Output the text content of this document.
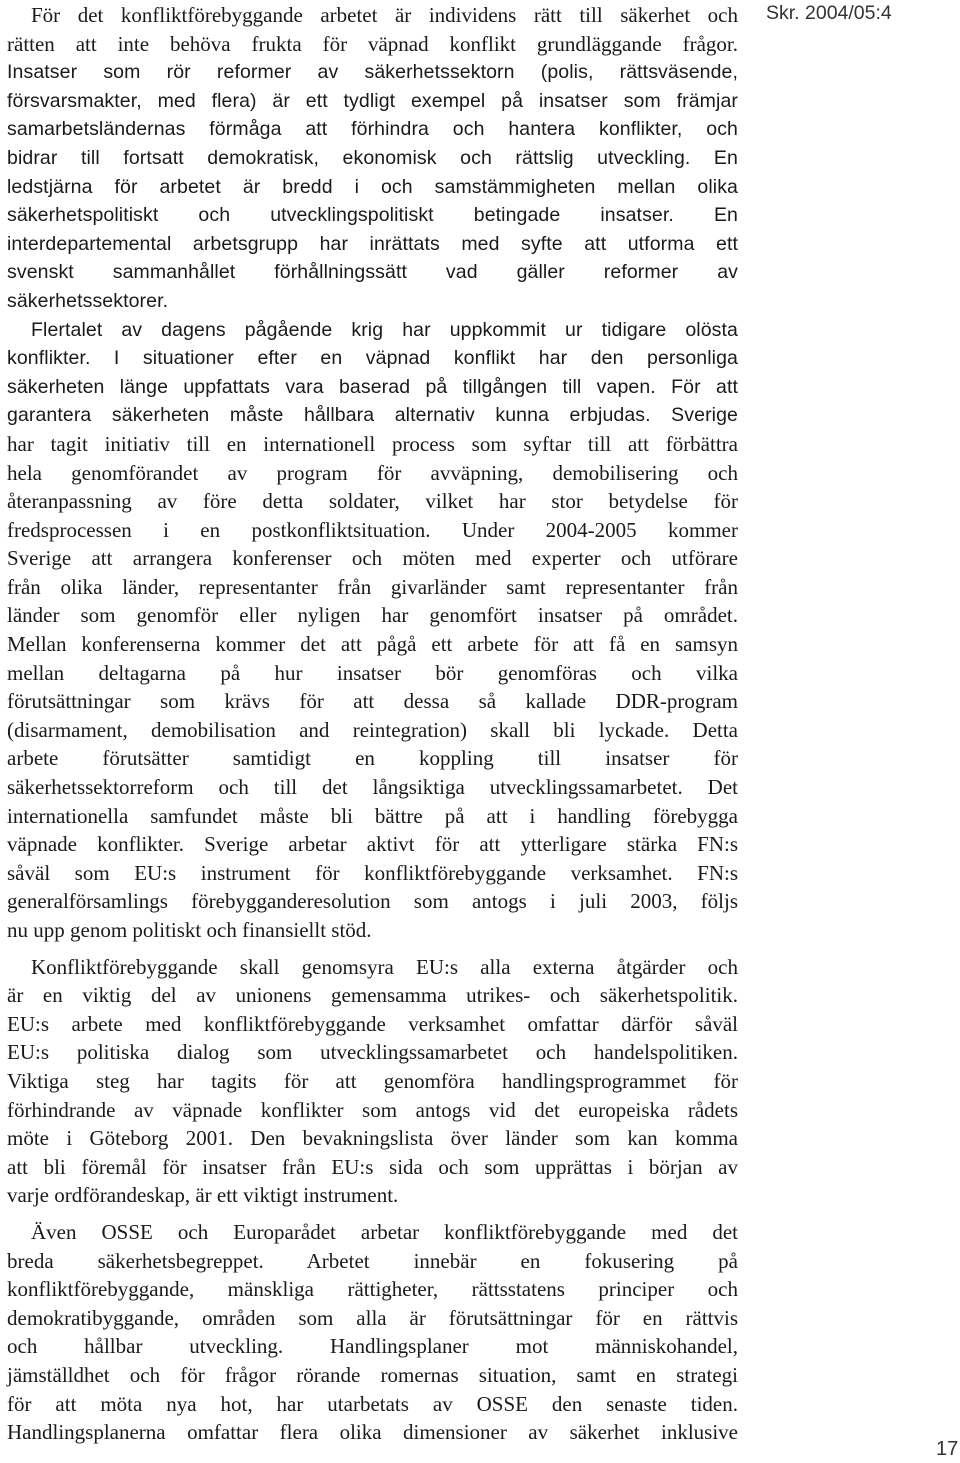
Skr. 2004/05:4

För det konfliktförebyggande arbetet är individens rätt till säkerhet och
rätten att inte behöva frukta för väpnad konflikt grundläggande frågor.
Insatser som rör reformer av säkerhetssektorn (polis, rättsväsende,
försvarsmakter, med flera) är ett tydligt exempel på insatser som främjar
samarbetsländernas förmåga att förhindra och hantera konflikter, och
bidrar till fortsatt demokratisk, ekonomisk och rättslig utveckling. En
ledstjärna för arbetet är bredd i och samstämmigheten mellan olika
säkerhetspolitiskt och utvecklingspolitiskt betingade insatser. En
interdepartemental arbetsgrupp har inrättats med syfte att utforma ett
svenskt sammanhållet förhållningssätt vad gäller reformer av
säkerhetssektorer.

Flertalet av dagens pågående krig har uppkommit ur tidigare olösta
konflikter. I situationer efter en väpnad konflikt har den personliga
säkerheten länge uppfattats vara baserad på tillgången till vapen. För att
garantera säkerheten måste hållbara alternativ kunna erbjudas. Sverige
har tagit initiativ till en internationell process som syftar till att förbättra
hela genomförandet av program för avväpning, demobilisering och
återanpassning av före detta soldater, vilket har stor betydelse för
fredsprocessen i en postkonfliktsituation. Under 2004-2005 kommer
Sverige att arrangera konferenser och möten med experter och utförare
från olika länder, representanter från givarländer samt representanter från
länder som genomför eller nyligen har genomfört insatser på området.
Mellan konferenserna kommer det att pågå ett arbete för att få en samsyn
mellan deltagarna på hur insatser bör genomföras och vilka
förutsättningar som krävs för att dessa så kallade DDR-program
(disarmament, demobilisation and reintegration) skall bli lyckade. Detta
arbete förutsätter samtidigt en koppling till insatser för
säkerhetssektorreform och till det långsiktiga utvecklingssamarbetet. Det
internationella samfundet måste bli bättre på att i handling förebygga
väpnade konflikter. Sverige arbetar aktivt för att ytterligare stärka FN:s
såväl som EU:s instrument för konfliktförebyggande verksamhet. FN:s
generalförsamlings förebygganderesolution som antogs i juli 2003, följs
nu upp genom politiskt och finansiellt stöd.

Konfliktförebyggande skall genomsyra EU:s alla externa åtgärder och
är en viktig del av unionens gemensamma utrikes- och säkerhetspolitik.
EU:s arbete med konfliktförebyggande verksamhet omfattar därför såväl
EU:s politiska dialog som utvecklingssamarbetet och handelspolitiken.
Viktiga steg har tagits för att genomföra handlingsprogrammet för
förhindrande av väpnade konflikter som antogs vid det europeiska rådets
möte i Göteborg 2001. Den bevakningslista över länder som kan komma
att bli föremål för insatser från EU:s sida och som upprättas i början av
varje ordförandeskap, är ett viktigt instrument.

Även OSSE och Europarådet arbetar konfliktförebyggande med det
breda säkerhetsbegreppet. Arbetet innebär en fokusering på
konfliktförebyggande, mänskliga rättigheter, rättsstatens principer och
demokratibyggande, områden som alla är förutsättningar för en rättvis
och hållbar utveckling. Handlingsplaner mot människohandel,
jämställdhet och för frågor rörande romernas situation, samt en strategi
för att möta nya hot, har utarbetats av OSSE den senaste tiden.
Handlingsplanerna omfattar flera olika dimensioner av säkerhet inklusive

17
